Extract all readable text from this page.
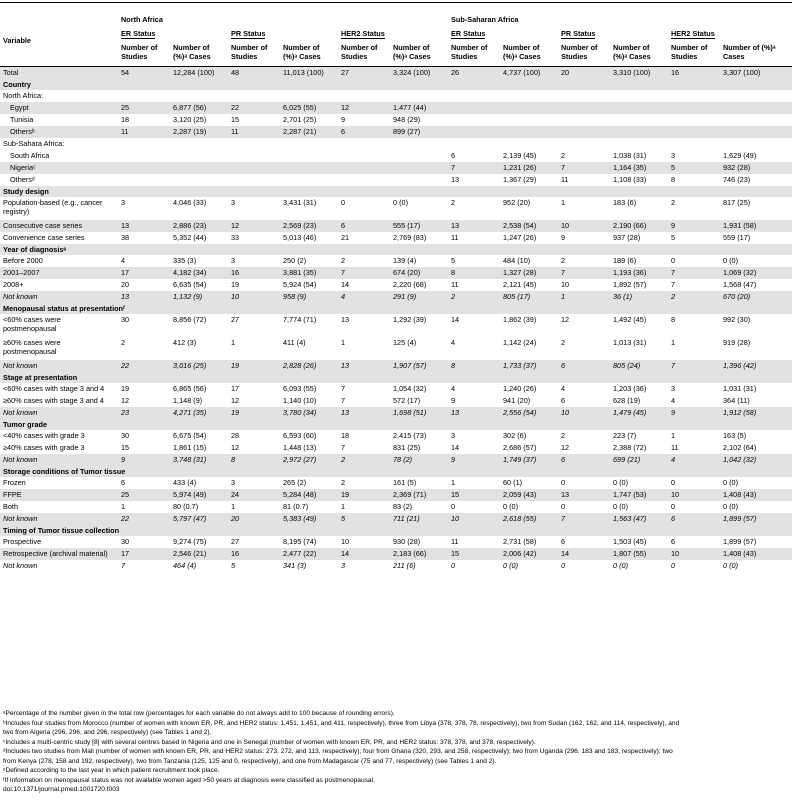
Variable	North Africa						Sub-Saharan Africa					
	ER Status		PR Status		HER2 Status		ER Status		PR Status		HER2 Status	
	Number of Studies	Number of (%)ᵃ Cases	Number of Studies	Number of (%)ᵃ Cases	Number of Studies	Number of (%)ᵃ Cases	Number of Studies	Number of (%)ᵃ Cases	Number of Studies	Number of (%)ᵃ Cases	Number of Studies	Number of (%)ᵃ Cases
Total	54	12,284 (100)	48	11,013 (100)	27	3,324 (100)	26	4,737 (100)	20	3,310 (100)	16	3,307 (100)
Country												
North Africa:												
Egypt	25	6,877 (56)	22	6,025 (55)	12	1,477 (44)						
Tunisia	18	3,120 (25)	15	2,701 (25)	9	948 (29)						
Othersᵇ	11	2,287 (19)	11	2,287 (21)	6	899 (27)						
Sub-Sahara Africa:												
South Africa							6	2,139 (45)	2	1,038 (31)	3	1,629 (49)
Nigeriaᶜ							7	1,231 (26)	7	1,164 (35)	5	932 (28)
Othersᵈ							13	1,367 (29)	11	1,108 (33)	8	746 (23)
Study design												
Population-based (e.g., cancer registry)	3	4,046 (33)	3	3,431 (31)	0	0 (0)	2	952 (20)	1	183 (6)	2	817 (25)
Consecutive case series	13	2,886 (23)	12	2,569 (23)	6	555 (17)	13	2,538 (54)	10	2,190 (66)	9	1,931 (58)
Convenience case series	38	5,352 (44)	33	5,013 (46)	21	2,769 (83)	11	1,247 (26)	9	937 (28)	5	559 (17)
Year of diagnosisᵉ												
Before 2000	4	335 (3)	3	250 (2)	2	139 (4)	5	484 (10)	2	189 (6)	0	0 (0)
2001–2007	17	4,182 (34)	16	3,881 (35)	7	674 (20)	8	1,327 (28)	7	1,193 (36)	7	1,069 (32)
2008+	20	6,635 (54)	19	5,924 (54)	14	2,220 (68)	11	2,121 (45)	10	1,892 (57)	7	1,568 (47)
Not known	13	1,132 (9)	10	958 (9)	4	291 (9)	2	805 (17)	1	36 (1)	2	670 (20)
Menopausal status at presentationᶠ												
<60% cases were postmenopausal	30	8,856 (72)	27	7,774 (71)	13	1,292 (39)	14	1,862 (39)	12	1,492 (45)	8	992 (30)
≥60% cases were postmenopausal	2	412 (3)	1	411 (4)	1	125 (4)	4	1,142 (24)	2	1,013 (31)	1	919 (28)
Not known	22	3,016 (25)	19	2,828 (26)	13	1,907 (57)	8	1,733 (37)	6	805 (24)	7	1,396 (42)
Stage at presentation												
<60% cases with stage 3 and 4	19	6,865 (56)	17	6,093 (55)	7	1,054 (32)	4	1,240 (26)	4	1,203 (36)	3	1,031 (31)
≥60% cases with stage 3 and 4	12	1,148 (9)	12	1,140 (10)	7	572 (17)	9	941 (20)	6	628 (19)	4	364 (11)
Not known	23	4,271 (35)	19	3,780 (34)	13	1,698 (51)	13	2,556 (54)	10	1,479 (45)	9	1,912 (58)
Tumor grade												
<40% cases with grade 3	30	6,675 (54)	28	6,593 (60)	18	2,415 (73)	3	302 (6)	2	223 (7)	1	163 (5)
≥40% cases with grade 3	15	1,861 (15)	12	1,448 (13)	7	831 (25)	14	2,686 (57)	12	2,388 (72)	11	2,102 (64)
Not known	9	3,748 (31)	8	2,972 (27)	2	78 (2)	9	1,749 (37)	6	699 (21)	4	1,042 (32)
Storage conditions of Tumor tissue												
Frozen	6	433 (4)	3	265 (2)	2	161 (5)	1	60 (1)	0	0 (0)	0	0 (0)
FFPE	25	5,974 (49)	24	5,284 (48)	19	2,369 (71)	15	2,059 (43)	13	1,747 (53)	10	1,408 (43)
Both	1	80 (0.7)	1	81 (0.7)	1	83 (2)	0	0 (0)	0	0 (0)	0	0 (0)
Not known	22	5,797 (47)	20	5,383 (49)	5	711 (21)	10	2,618 (55)	7	1,563 (47)	6	1,899 (57)
Timing of Tumor tissue collection												
Prospective	30	9,274 (75)	27	8,195 (74)	10	930 (28)	11	2,731 (58)	6	1,503 (45)	6	1,899 (57)
Retrospective (archival material)	17	2,546 (21)	16	2,477 (22)	14	2,183 (66)	15	2,006 (42)	14	1,807 (55)	10	1,408 (43)
Not known	7	464 (4)	5	341 (3)	3	211 (6)	0	0 (0)	0	0 (0)	0	0 (0)
ᵃPercentage of the number given in the total row (percentages for each variable do not always add to 100 because of rounding errors).
ᵇIncludes four studies from Morocco (number of women with known ER, PR, and HER2 status: 1,451, 1,451, and 411, respectively), three from Libya (378, 378, 78, respectively), two from Sudan (162, 162, and 114, respectively), and
two from Algeria (296, 296, and 296, respectively) (see Tables 1 and 2).
ᶜIncludes a multi-centric study [8] with several centres based in Nigeria and one in Senegal (number of women with known ER, PR, and HER2 status: 378, 378, and 378, respectively).
ᵈIncludes two studies from Mali (number of women with known ER, PR, and HER2 status: 273, 272, and 113, respectively); four from Ghana (320, 293, and 258, respectively); two from Uganda (296, 183 and 183, respectively); two
from Kenya (278, 158 and 192, respectively), two from Tanzania (125, 125 and 0, respectively), and one from Madagascar (75 and 77, respectively) (see Tables 1 and 2).
ᵉDefined according to the last year in which patient recruitment took place.
ᶠIf information on menopausal status was not available women aged >50 years at diagnosis were classified as postmenopausal.
doi:10.1371/journal.pmed.1001720.t003
